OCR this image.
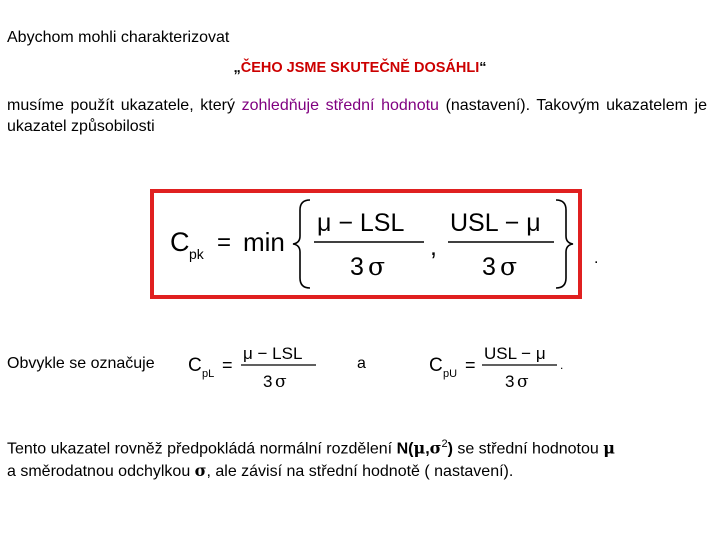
Abychom mohli charakterizovat
„ČEHO JSME SKUTEČNĚ DOSÁHLI“
musíme použít ukazatele, který zohledňuje střední hodnotu (nastavení). Takovým ukazatelem je ukazatel způsobilosti
C pk = min
μ − LSL
3 σ
,
USL − μ
3 σ	.
Obvykle se označuje C pL =
μ − LSL
3 σ
a	C pU =
USL − μ
3 σ
.
Tento ukazatel rovněž předpokládá normální rozdělení $N(\mu,\sigma^2)$ se střední hodnotou μ
a směrodatnou odchylkou σ, ale závisí na střední hodnotě ( nastavení).
